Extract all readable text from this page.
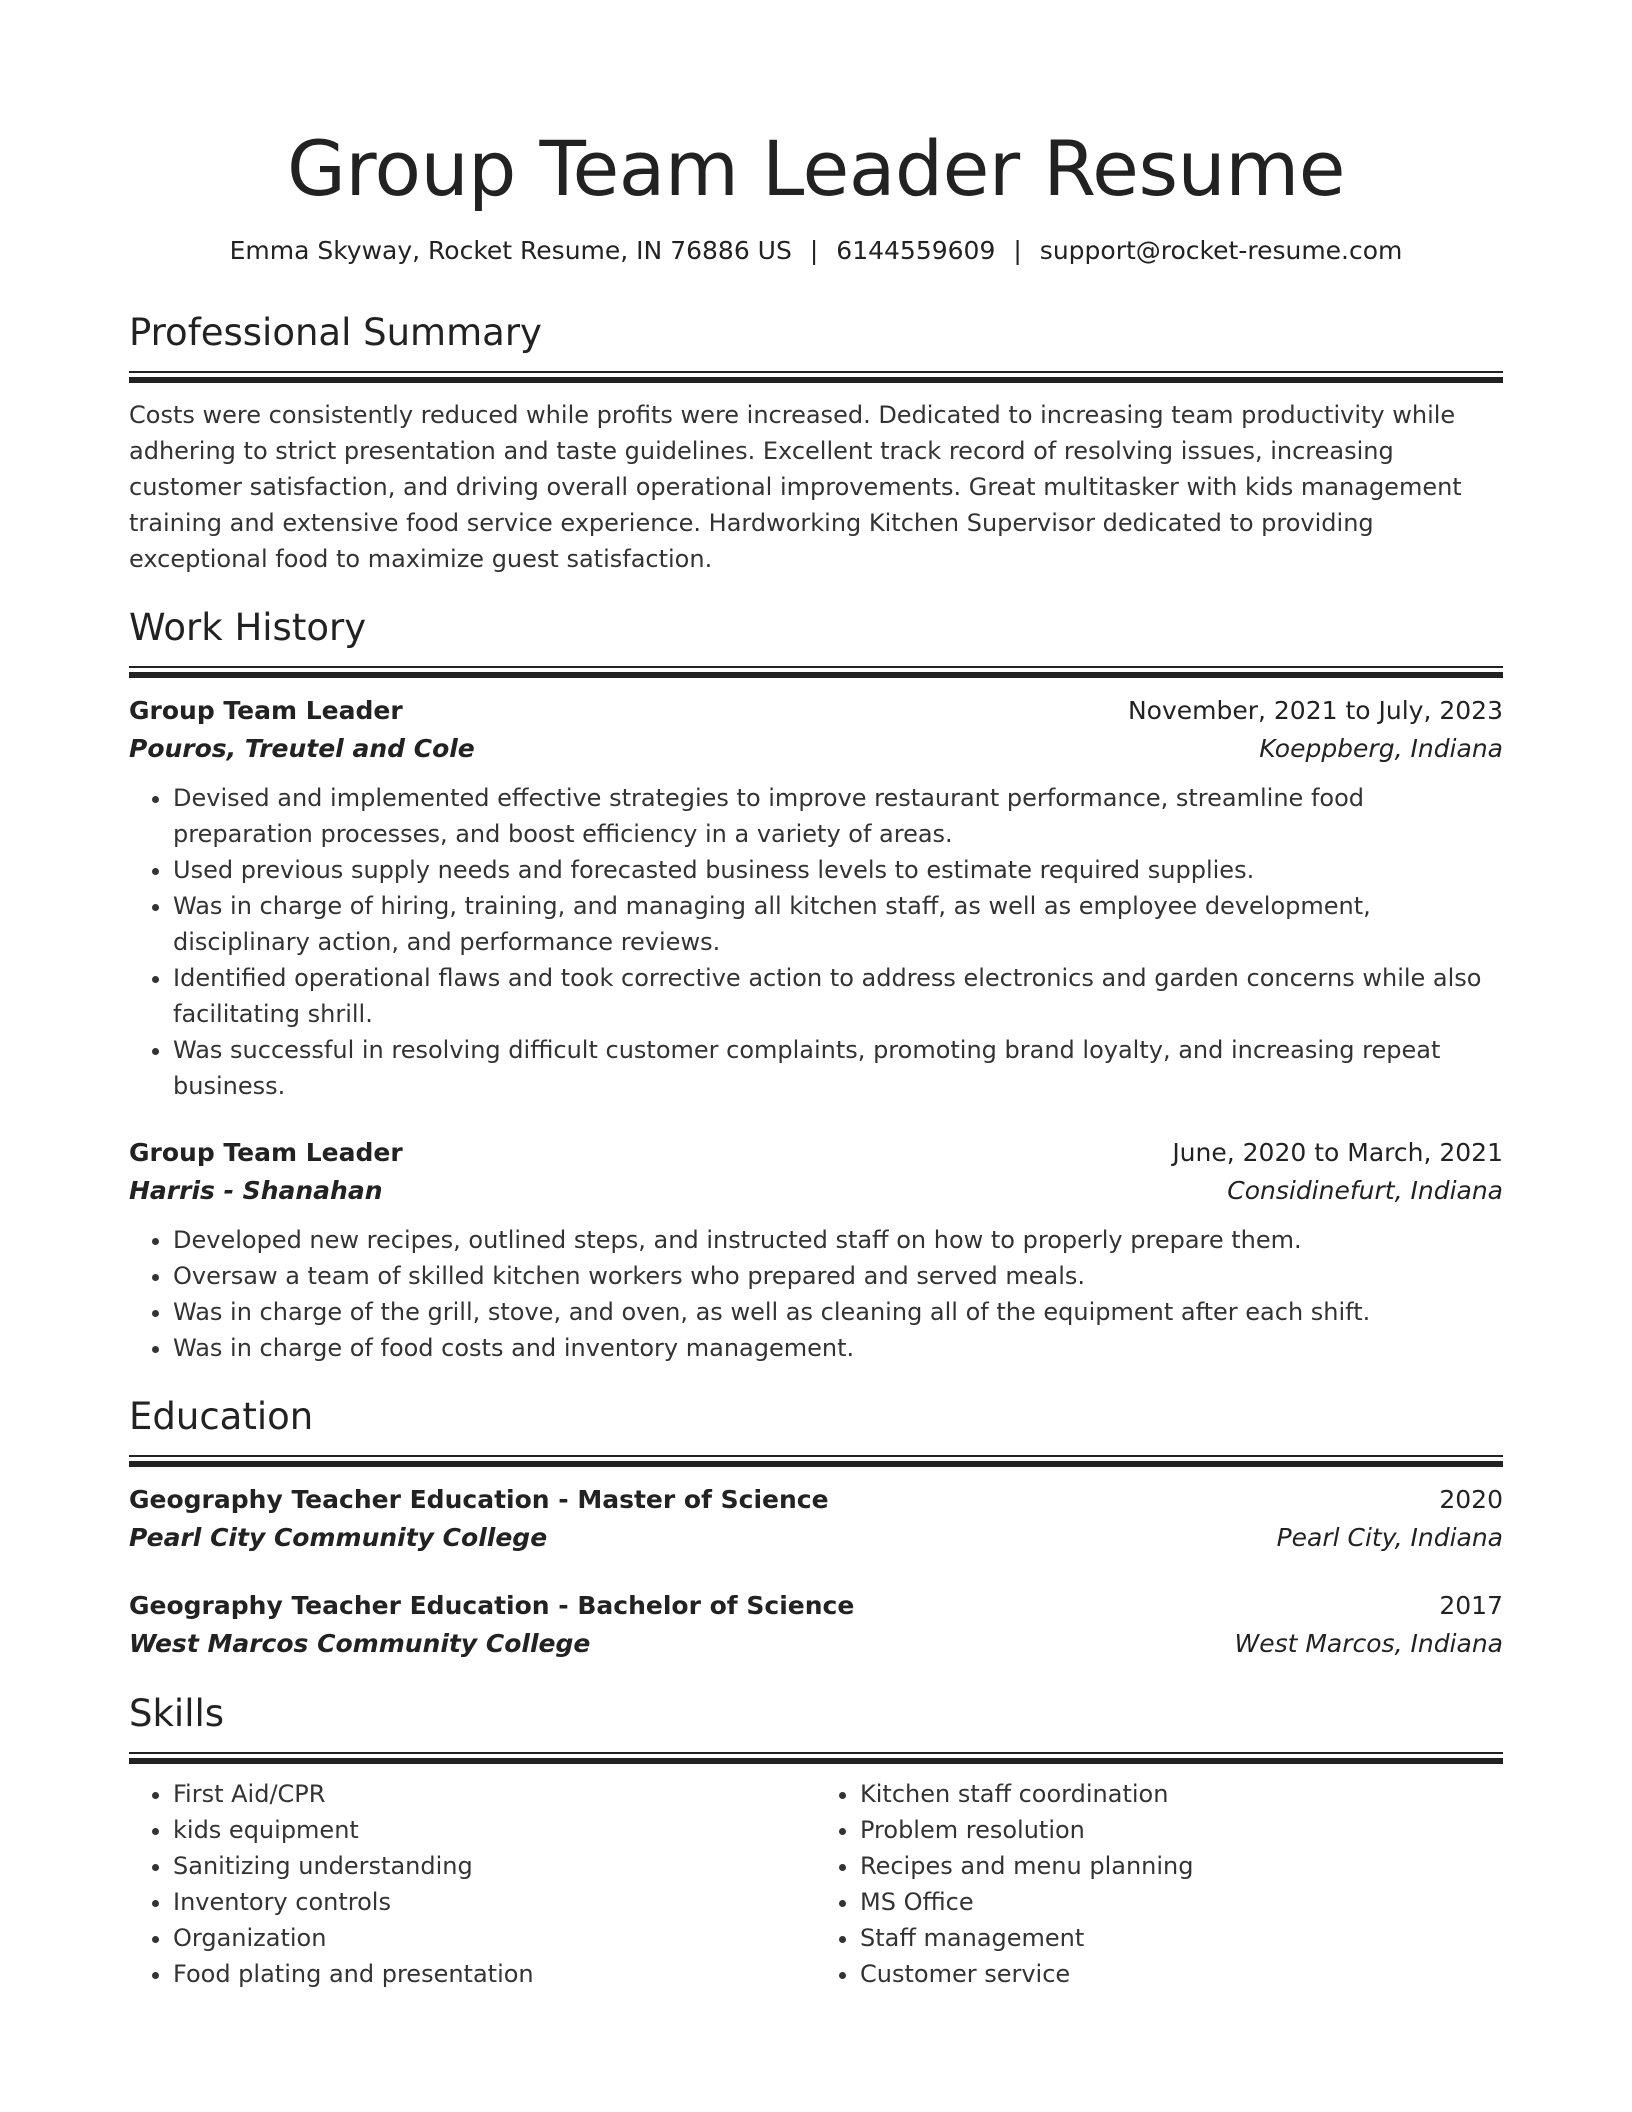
Group Team Leader Resume
Emma Skyway, Rocket Resume, IN 76886 US | 6144559609 | support@rocket-resume.com
Professional Summary
Costs were consistently reduced while profits were increased. Dedicated to increasing team productivity while adhering to strict presentation and taste guidelines. Excellent track record of resolving issues, increasing customer satisfaction, and driving overall operational improvements. Great multitasker with kids management training and extensive food service experience. Hardworking Kitchen Supervisor dedicated to providing exceptional food to maximize guest satisfaction.
Work History
Group Team Leader	November, 2021 to July, 2023
Pouros, Treutel and Cole	Koeppberg, Indiana
• Devised and implemented effective strategies to improve restaurant performance, streamline food preparation processes, and boost efficiency in a variety of areas.
• Used previous supply needs and forecasted business levels to estimate required supplies.
• Was in charge of hiring, training, and managing all kitchen staff, as well as employee development, disciplinary action, and performance reviews.
• Identified operational flaws and took corrective action to address electronics and garden concerns while also facilitating shrill.
• Was successful in resolving difficult customer complaints, promoting brand loyalty, and increasing repeat business.
Group Team Leader	June, 2020 to March, 2021
Harris - Shanahan	Considinefurt, Indiana
• Developed new recipes, outlined steps, and instructed staff on how to properly prepare them.
• Oversaw a team of skilled kitchen workers who prepared and served meals.
• Was in charge of the grill, stove, and oven, as well as cleaning all of the equipment after each shift.
• Was in charge of food costs and inventory management.
Education
Geography Teacher Education - Master of Science	2020
Pearl City Community College	Pearl City, Indiana
Geography Teacher Education - Bachelor of Science	2017
West Marcos Community College	West Marcos, Indiana
Skills
• First Aid/CPR
• kids equipment
• Sanitizing understanding
• Inventory controls
• Organization
• Food plating and presentation
• Kitchen staff coordination
• Problem resolution
• Recipes and menu planning
• MS Office
• Staff management
• Customer service
